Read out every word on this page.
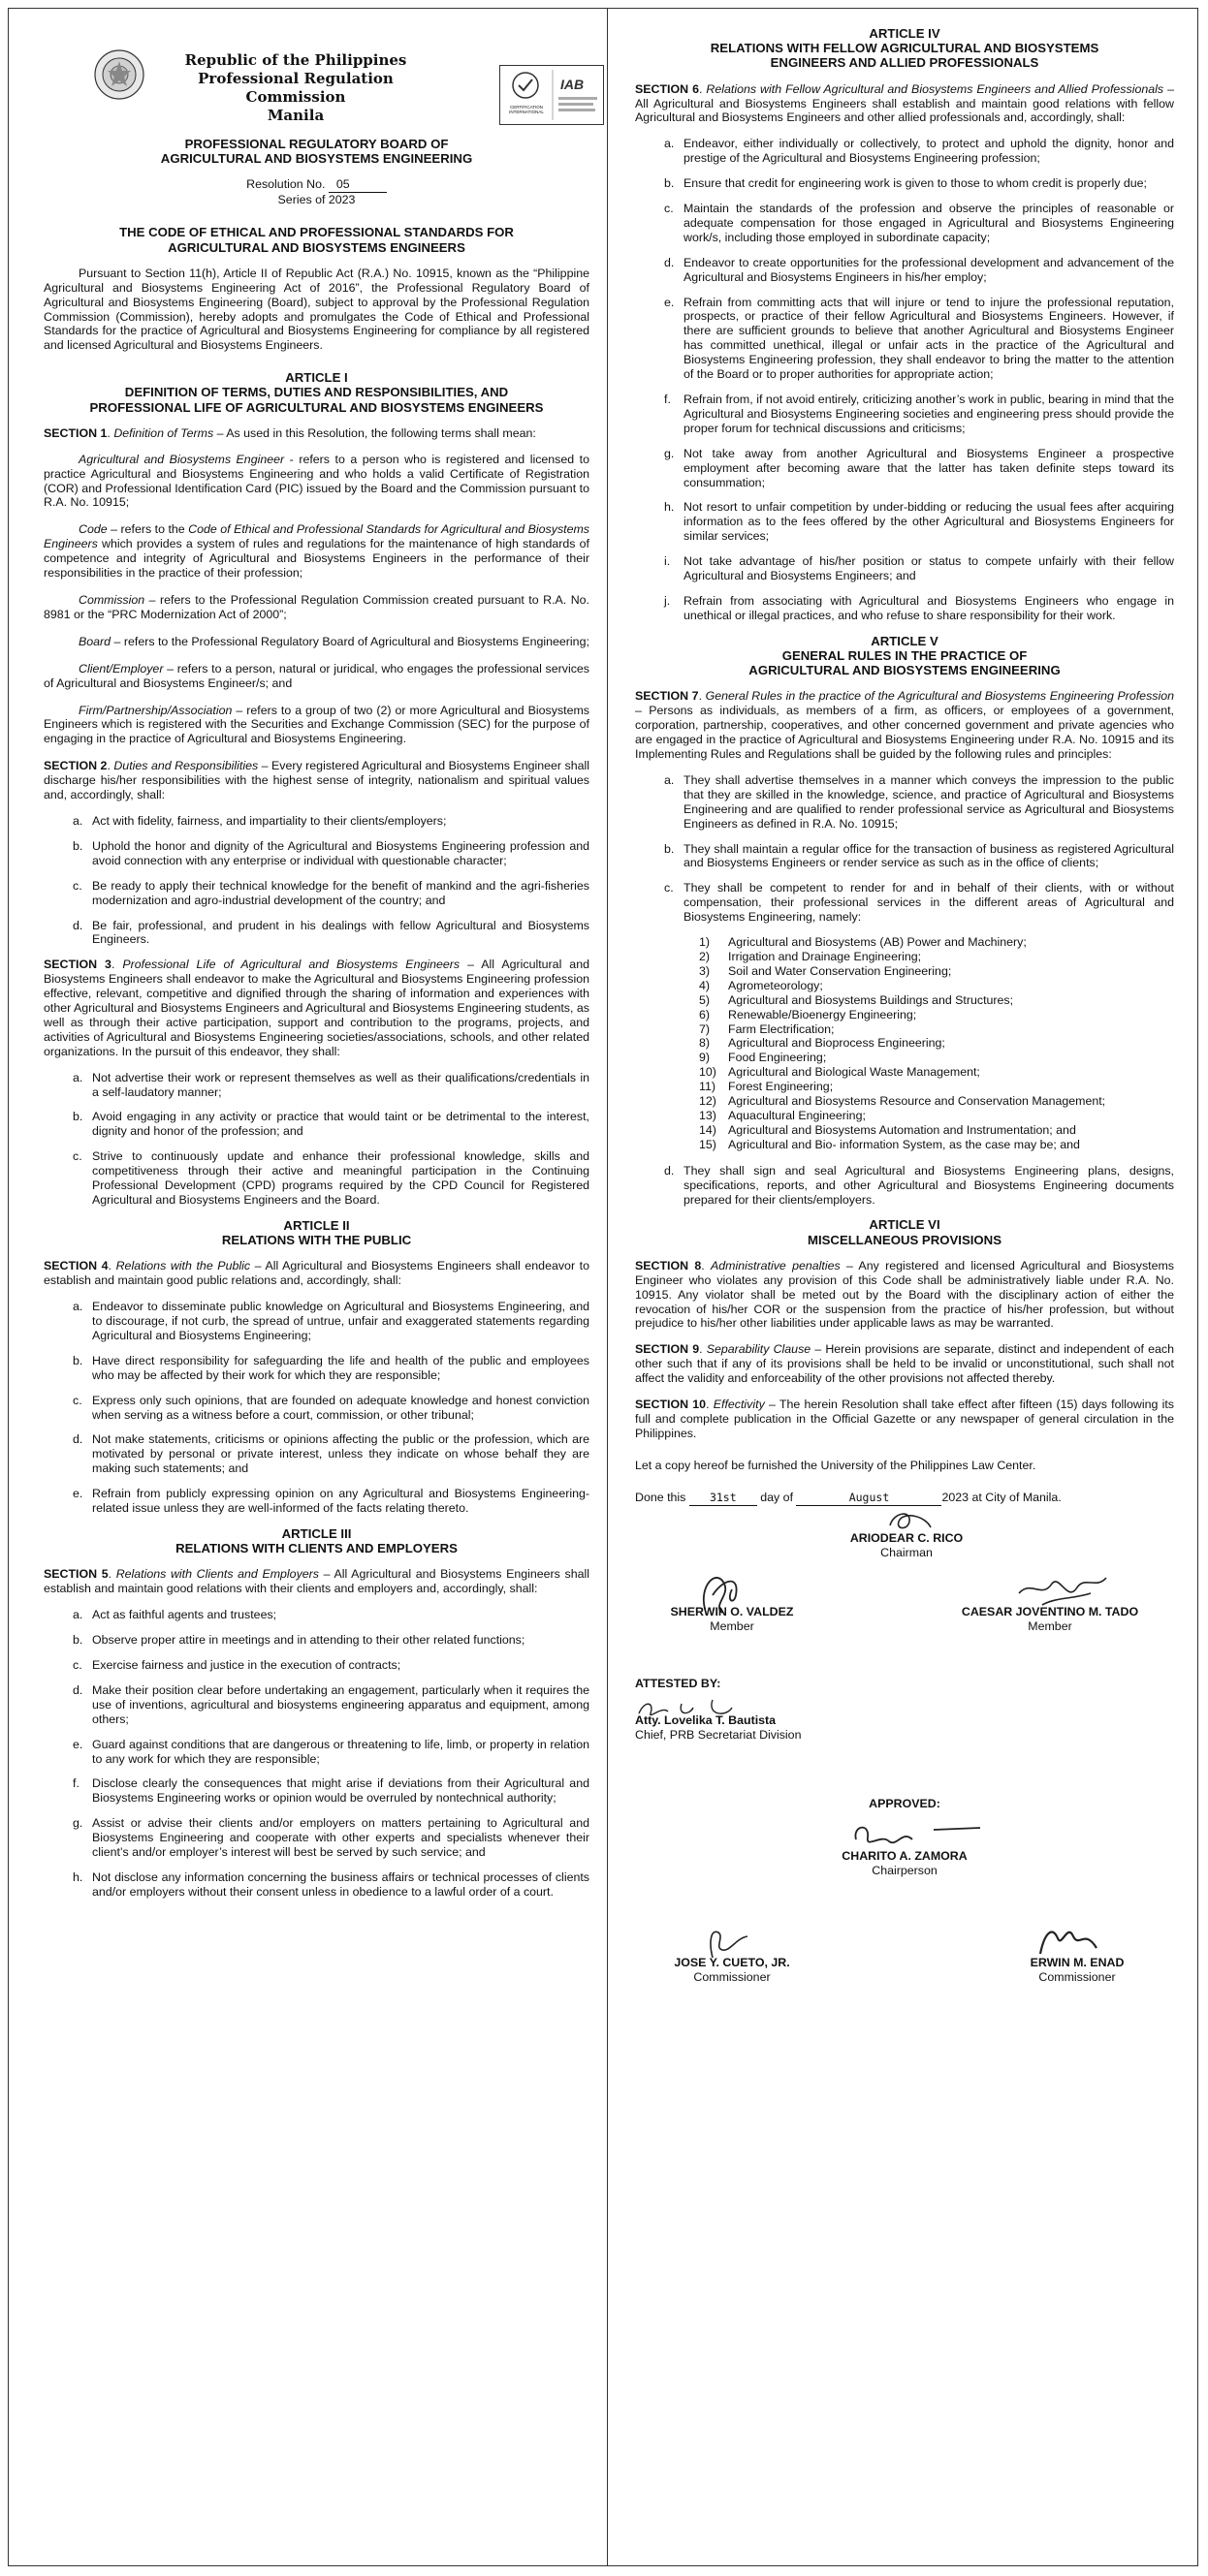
Republic of the Philippines
Professional Regulation Commission
Manila
IAB
CERTIFICATION INTERNATIONAL
PROFESSIONAL REGULATORY BOARD OF
AGRICULTURAL AND BIOSYSTEMS ENGINEERING
Resolution No. 05
Series of 2023
THE CODE OF ETHICAL AND PROFESSIONAL STANDARDS FOR
AGRICULTURAL AND BIOSYSTEMS ENGINEERS

Pursuant to Section 11(h), Article II of Republic Act (R.A.) No. 10915, known as the “Philippine Agricultural and Biosystems Engineering Act of 2016”, the Professional Regulatory Board of Agricultural and Biosystems Engineering (Board), subject to approval by the Professional Regulation Commission (Commission), hereby adopts and promulgates the Code of Ethical and Professional Standards for the practice of Agricultural and Biosystems Engineering for compliance by all registered and licensed Agricultural and Biosystems Engineers.

ARTICLE I
DEFINITION OF TERMS, DUTIES AND RESPONSIBILITIES, AND
PROFESSIONAL LIFE OF AGRICULTURAL AND BIOSYSTEMS ENGINEERS

SECTION 1. Definition of Terms – As used in this Resolution, the following terms shall mean:

Agricultural and Biosystems Engineer - refers to a person who is registered and licensed to practice Agricultural and Biosystems Engineering and who holds a valid Certificate of Registration (COR) and Professional Identification Card (PIC) issued by the Board and the Commission pursuant to R.A. No. 10915;

Code – refers to the Code of Ethical and Professional Standards for Agricultural and Biosystems Engineers which provides a system of rules and regulations for the maintenance of high standards of competence and integrity of Agricultural and Biosystems Engineers in the performance of their responsibilities in the practice of their profession;

Commission – refers to the Professional Regulation Commission created pursuant to R.A. No. 8981 or the “PRC Modernization Act of 2000”;

Board – refers to the Professional Regulatory Board of Agricultural and Biosystems Engineering;

Client/Employer – refers to a person, natural or juridical, who engages the professional services of Agricultural and Biosystems Engineer/s; and

Firm/Partnership/Association – refers to a group of two (2) or more Agricultural and Biosystems Engineers which is registered with the Securities and Exchange Commission (SEC) for the purpose of engaging in the practice of Agricultural and Biosystems Engineering.

SECTION 2. Duties and Responsibilities – Every registered Agricultural and Biosystems Engineer shall discharge his/her responsibilities with the highest sense of integrity, nationalism and spiritual values and, accordingly, shall:

a. Act with fidelity, fairness, and impartiality to their clients/employers;
b. Uphold the honor and dignity of the Agricultural and Biosystems Engineering profession and avoid connection with any enterprise or individual with questionable character;
c. Be ready to apply their technical knowledge for the benefit of mankind and the agri-fisheries modernization and agro-industrial development of the country; and
d. Be fair, professional, and prudent in his dealings with fellow Agricultural and Biosystems Engineers.

SECTION 3. Professional Life of Agricultural and Biosystems Engineers – All Agricultural and Biosystems Engineers shall endeavor to make the Agricultural and Biosystems Engineering profession effective, relevant, competitive and dignified through the sharing of information and experiences with other Agricultural and Biosystems Engineers and Agricultural and Biosystems Engineering students, as well as through their active participation, support and contribution to the programs, projects, and activities of Agricultural and Biosystems Engineering societies/associations, schools, and other related organizations. In the pursuit of this endeavor, they shall:

a. Not advertise their work or represent themselves as well as their qualifications/credentials in a self-laudatory manner;
b. Avoid engaging in any activity or practice that would taint or be detrimental to the interest, dignity and honor of the profession; and
c. Strive to continuously update and enhance their professional knowledge, skills and competitiveness through their active and meaningful participation in the Continuing Professional Development (CPD) programs required by the CPD Council for Registered Agricultural and Biosystems Engineers and the Board.
ARTICLE II
RELATIONS WITH THE PUBLIC

SECTION 4. Relations with the Public – All Agricultural and Biosystems Engineers shall endeavor to establish and maintain good public relations and, accordingly, shall:

a. Endeavor to disseminate public knowledge on Agricultural and Biosystems Engineering, and to discourage, if not curb, the spread of untrue, unfair and exaggerated statements regarding Agricultural and Biosystems Engineering;
b. Have direct responsibility for safeguarding the life and health of the public and employees who may be affected by their work for which they are responsible;
c. Express only such opinions, that are founded on adequate knowledge and honest conviction when serving as a witness before a court, commission, or other tribunal;
d. Not make statements, criticisms or opinions affecting the public or the profession, which are motivated by personal or private interest, unless they indicate on whose behalf they are making such statements; and
e. Refrain from publicly expressing opinion on any Agricultural and Biosystems Engineering-related issue unless they are well-informed of the facts relating thereto.
ARTICLE III
RELATIONS WITH CLIENTS AND EMPLOYERS

SECTION 5. Relations with Clients and Employers – All Agricultural and Biosystems Engineers shall establish and maintain good relations with their clients and employers and, accordingly, shall:

a. Act as faithful agents and trustees;
b. Observe proper attire in meetings and in attending to their other related functions;
c. Exercise fairness and justice in the execution of contracts;
d. Make their position clear before undertaking an engagement, particularly when it requires the use of inventions, agricultural and biosystems engineering apparatus and equipment, among others;
e. Guard against conditions that are dangerous or threatening to life, limb, or property in relation to any work for which they are responsible;
f. Disclose clearly the consequences that might arise if deviations from their Agricultural and Biosystems Engineering works or opinion would be overruled by nontechnical authority;
g. Assist or advise their clients and/or employers on matters pertaining to Agricultural and Biosystems Engineering and cooperate with other experts and specialists whenever their client’s and/or employer’s interest will best be served by such service; and
h. Not disclose any information concerning the business affairs or technical processes of clients and/or employers without their consent unless in obedience to a lawful order of a court.
ARTICLE IV
RELATIONS WITH FELLOW AGRICULTURAL AND BIOSYSTEMS
ENGINEERS AND ALLIED PROFESSIONALS

SECTION 6. Relations with Fellow Agricultural and Biosystems Engineers and Allied Professionals – All Agricultural and Biosystems Engineers shall establish and maintain good relations with fellow Agricultural and Biosystems Engineers and other allied professionals and, accordingly, shall:

a. Endeavor, either individually or collectively, to protect and uphold the dignity, honor and prestige of the Agricultural and Biosystems Engineering profession;
b. Ensure that credit for engineering work is given to those to whom credit is properly due;
c. Maintain the standards of the profession and observe the principles of reasonable or adequate compensation for those engaged in Agricultural and Biosystems Engineering work/s, including those employed in subordinate capacity;
d. Endeavor to create opportunities for the professional development and advancement of the Agricultural and Biosystems Engineers in his/her employ;
e. Refrain from committing acts that will injure or tend to injure the professional reputation, prospects, or practice of their fellow Agricultural and Biosystems Engineers. However, if there are sufficient grounds to believe that another Agricultural and Biosystems Engineer has committed unethical, illegal or unfair acts in the practice of the Agricultural and Biosystems Engineering profession, they shall endeavor to bring the matter to the attention of the Board or to proper authorities for appropriate action;
f. Refrain from, if not avoid entirely, criticizing another’s work in public, bearing in mind that the Agricultural and Biosystems Engineering societies and engineering press should provide the proper forum for technical discussions and criticisms;
g. Not take away from another Agricultural and Biosystems Engineer a prospective employment after becoming aware that the latter has taken definite steps toward its consummation;
h. Not resort to unfair competition by under-bidding or reducing the usual fees after acquiring information as to the fees offered by the other Agricultural and Biosystems Engineers for similar services;
i. Not take advantage of his/her position or status to compete unfairly with their fellow Agricultural and Biosystems Engineers; and
j. Refrain from associating with Agricultural and Biosystems Engineers who engage in unethical or illegal practices, and who refuse to share responsibility for their work.
ARTICLE V
GENERAL RULES IN THE PRACTICE OF
AGRICULTURAL AND BIOSYSTEMS ENGINEERING

SECTION 7. General Rules in the practice of the Agricultural and Biosystems Engineering Profession – Persons as individuals, as members of a firm, as officers, or employees of a government, corporation, partnership, cooperatives, and other concerned government and private agencies who are engaged in the practice of Agricultural and Biosystems Engineering under R.A. No. 10915 and its Implementing Rules and Regulations shall be guided by the following rules and principles:

a. They shall advertise themselves in a manner which conveys the impression to the public that they are skilled in the knowledge, science, and practice of Agricultural and Biosystems Engineering and are qualified to render professional service as Agricultural and Biosystems Engineers as defined in R.A. No. 10915;
b. They shall maintain a regular office for the transaction of business as registered Agricultural and Biosystems Engineers or render service as such as in the office of clients;
c. They shall be competent to render for and in behalf of their clients, with or without compensation, their professional services in the different areas of Agricultural and Biosystems Engineering, namely:
1) Agricultural and Biosystems (AB) Power and Machinery;
2) Irrigation and Drainage Engineering;
3) Soil and Water Conservation Engineering;
4) Agrometeorology;
5) Agricultural and Biosystems Buildings and Structures;
6) Renewable/Bioenergy Engineering;
7) Farm Electrification;
8) Agricultural and Bioprocess Engineering;
9) Food Engineering;
10) Agricultural and Biological Waste Management;
11) Forest Engineering;
12) Agricultural and Biosystems Resource and Conservation Management;
13) Aquacultural Engineering;
14) Agricultural and Biosystems Automation and Instrumentation; and
15) Agricultural and Bio- information System, as the case may be; and
d. They shall sign and seal Agricultural and Biosystems Engineering plans, designs, specifications, reports, and other Agricultural and Biosystems Engineering documents prepared for their clients/employers.
ARTICLE VI
MISCELLANEOUS PROVISIONS

SECTION 8. Administrative penalties – Any registered and licensed Agricultural and Biosystems Engineer who violates any provision of this Code shall be administratively liable under R.A. No. 10915. Any violator shall be meted out by the Board with the disciplinary action of either the revocation of his/her COR or the suspension from the practice of his/her profession, but without prejudice to his/her other liabilities under applicable laws as may be warranted.

SECTION 9. Separability Clause – Herein provisions are separate, distinct and independent of each other such that if any of its provisions shall be held to be invalid or unconstitutional, such shall not affect the validity and enforceability of the other provisions not affected thereby.

SECTION 10. Effectivity – The herein Resolution shall take effect after fifteen (15) days following its full and complete publication in the Official Gazette or any newspaper of general circulation in the Philippines.

Let a copy hereof be furnished the University of the Philippines Law Center.

Done this 31st day of	August	2023 at City of Manila.

ARIODEAR C. RICO
Chairman
SHERWIN O. VALDEZ
Member
CAESAR JOVENTINO M. TADO
Member
ATTESTED BY:
Atty. Lovelika T. Bautista
Chief, PRB Secretariat Division
APPROVED:
CHARITO A. ZAMORA
Chairperson
JOSE Y. CUETO, JR.
Commissioner
ERWIN M. ENAD
Commissioner
